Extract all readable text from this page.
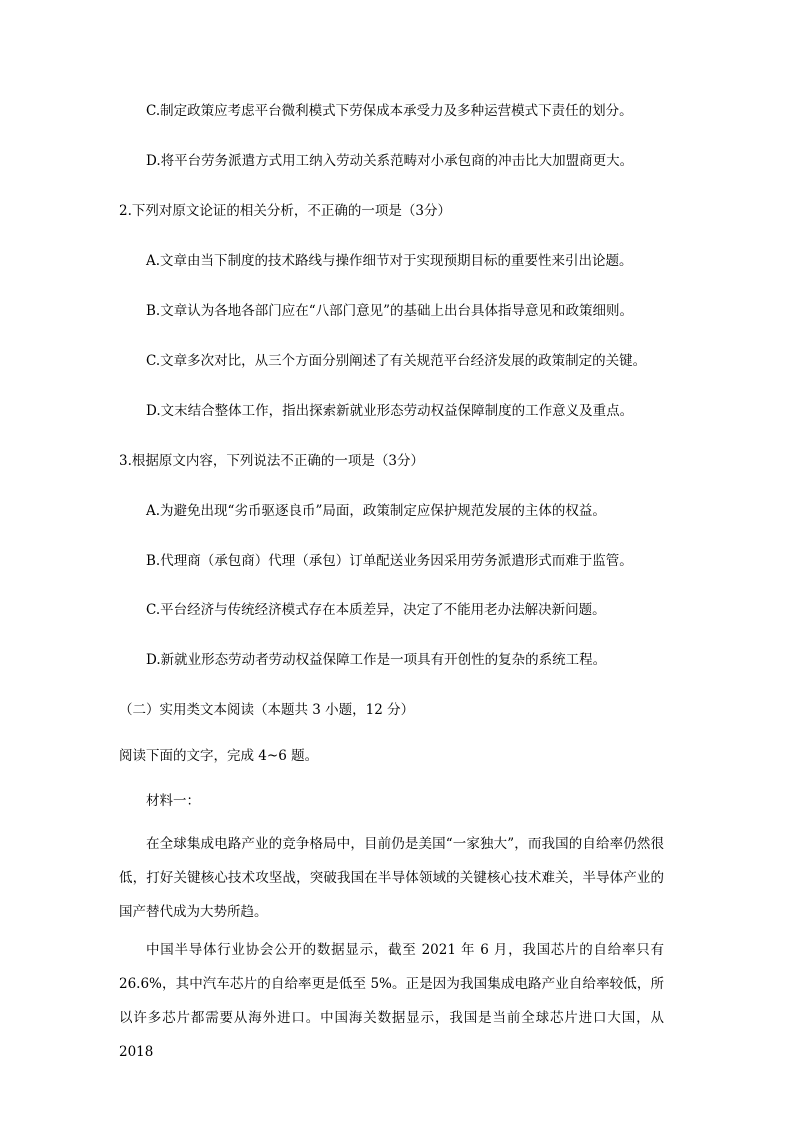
C.制定政策应考虑平台微利模式下劳保成本承受力及多种运营模式下责任的划分。
D.将平台劳务派遣方式用工纳入劳动关系范畴对小承包商的冲击比大加盟商更大。
2.下列对原文论证的相关分析，不正确的一项是（3分）
A.文章由当下制度的技术路线与操作细节对于实现预期目标的重要性来引出论题。
B.文章认为各地各部门应在“八部门意见”的基础上出台具体指导意见和政策细则。
C.文章多次对比，从三个方面分别阐述了有关规范平台经济发展的政策制定的关键。
D.文末结合整体工作，指出探索新就业形态劳动权益保障制度的工作意义及重点。
3.根据原文内容，下列说法不正确的一项是（3分）
A.为避免出现“劣币驱逐良币”局面，政策制定应保护规范发展的主体的权益。
B.代理商（承包商）代理（承包）订单配送业务因采用劳务派遣形式而难于监管。
C.平台经济与传统经济模式存在本质差异，决定了不能用老办法解决新问题。
D.新就业形态劳动者劳动权益保障工作是一项具有开创性的复杂的系统工程。
（二）实用类文本阅读（本题共 3 小题，12 分）
阅读下面的文字，完成 4~6 题。
材料一：
在全球集成电路产业的竞争格局中，目前仍是美国“一家独大”，而我国的自给率仍然很低，打好关键核心技术攻坚战，突破我国在半导体领域的关键核心技术难关，半导体产业的国产替代成为大势所趋。
中国半导体行业协会公开的数据显示，截至 2021 年 6 月，我国芯片的自给率只有 26.6%，其中汽车芯片的自给率更是低至 5%。正是因为我国集成电路产业自给率较低，所以许多芯片都需要从海外进口。中国海关数据显示，我国是当前全球芯片进口大国，从 2018
